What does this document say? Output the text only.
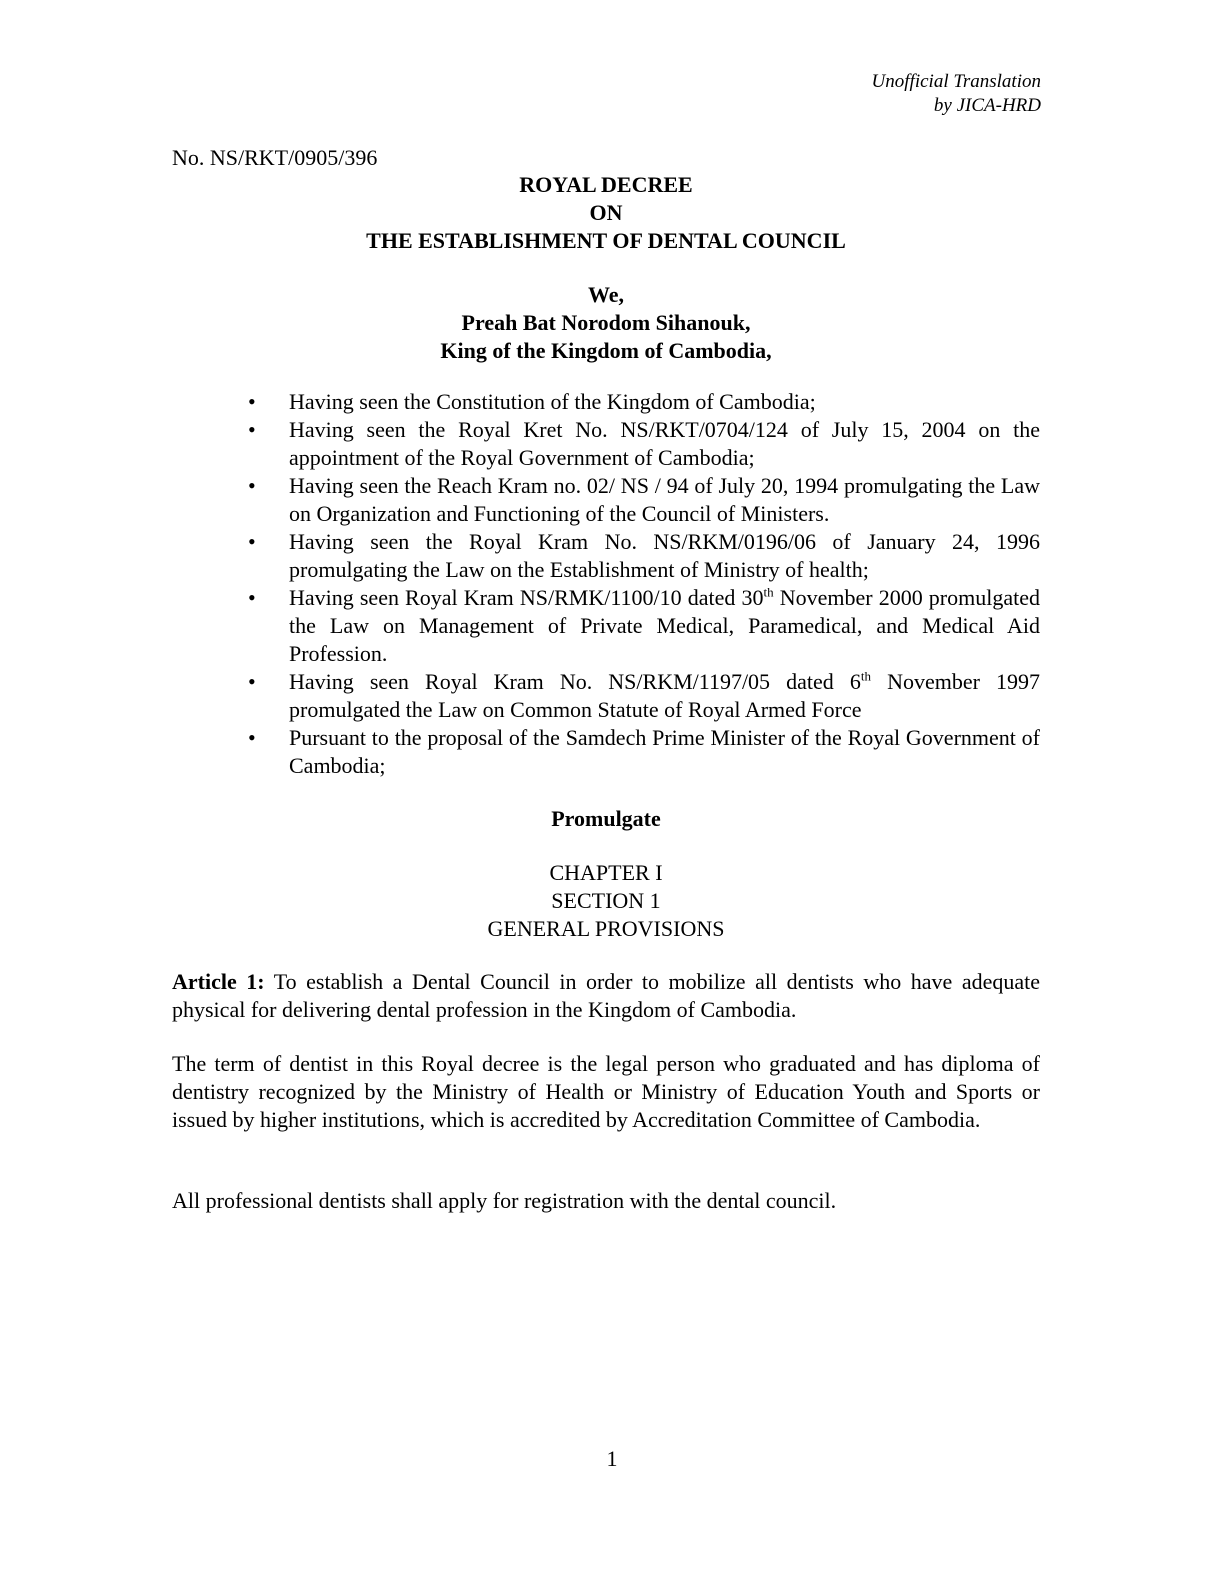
Unofficial Translation
by JICA-HRD
No. NS/RKT/0905/396
ROYAL DECREE
ON
THE ESTABLISHMENT OF DENTAL COUNCIL
We,
Preah Bat Norodom Sihanouk,
King of the Kingdom of Cambodia,
• Having seen the Constitution of the Kingdom of Cambodia;
• Having seen the Royal Kret No. NS/RKT/0704/124 of July 15, 2004 on the appointment of the Royal Government of Cambodia;
• Having seen the Reach Kram no. 02/ NS / 94 of July 20, 1994 promulgating the Law on Organization and Functioning of the Council of Ministers.
• Having seen the Royal Kram No. NS/RKM/0196/06 of January 24, 1996 promulgating the Law on the Establishment of Ministry of health;
• Having seen Royal Kram NS/RMK/1100/10 dated 30th November 2000 promulgated the Law on Management of Private Medical, Paramedical, and Medical Aid Profession.
• Having seen Royal Kram No. NS/RKM/1197/05 dated 6th November 1997 promulgated the Law on Common Statute of Royal Armed Force
• Pursuant to the proposal of the Samdech Prime Minister of the Royal Government of Cambodia;
Promulgate
CHAPTER I
SECTION 1
GENERAL PROVISIONS

Article 1: To establish a Dental Council in order to mobilize all dentists who have adequate physical for delivering dental profession in the Kingdom of Cambodia.

The term of dentist in this Royal decree is the legal person who graduated and has diploma of dentistry recognized by the Ministry of Health or Ministry of Education Youth and Sports or issued by higher institutions, which is accredited by Accreditation Committee of Cambodia.

All professional dentists shall apply for registration with the dental council.

1
